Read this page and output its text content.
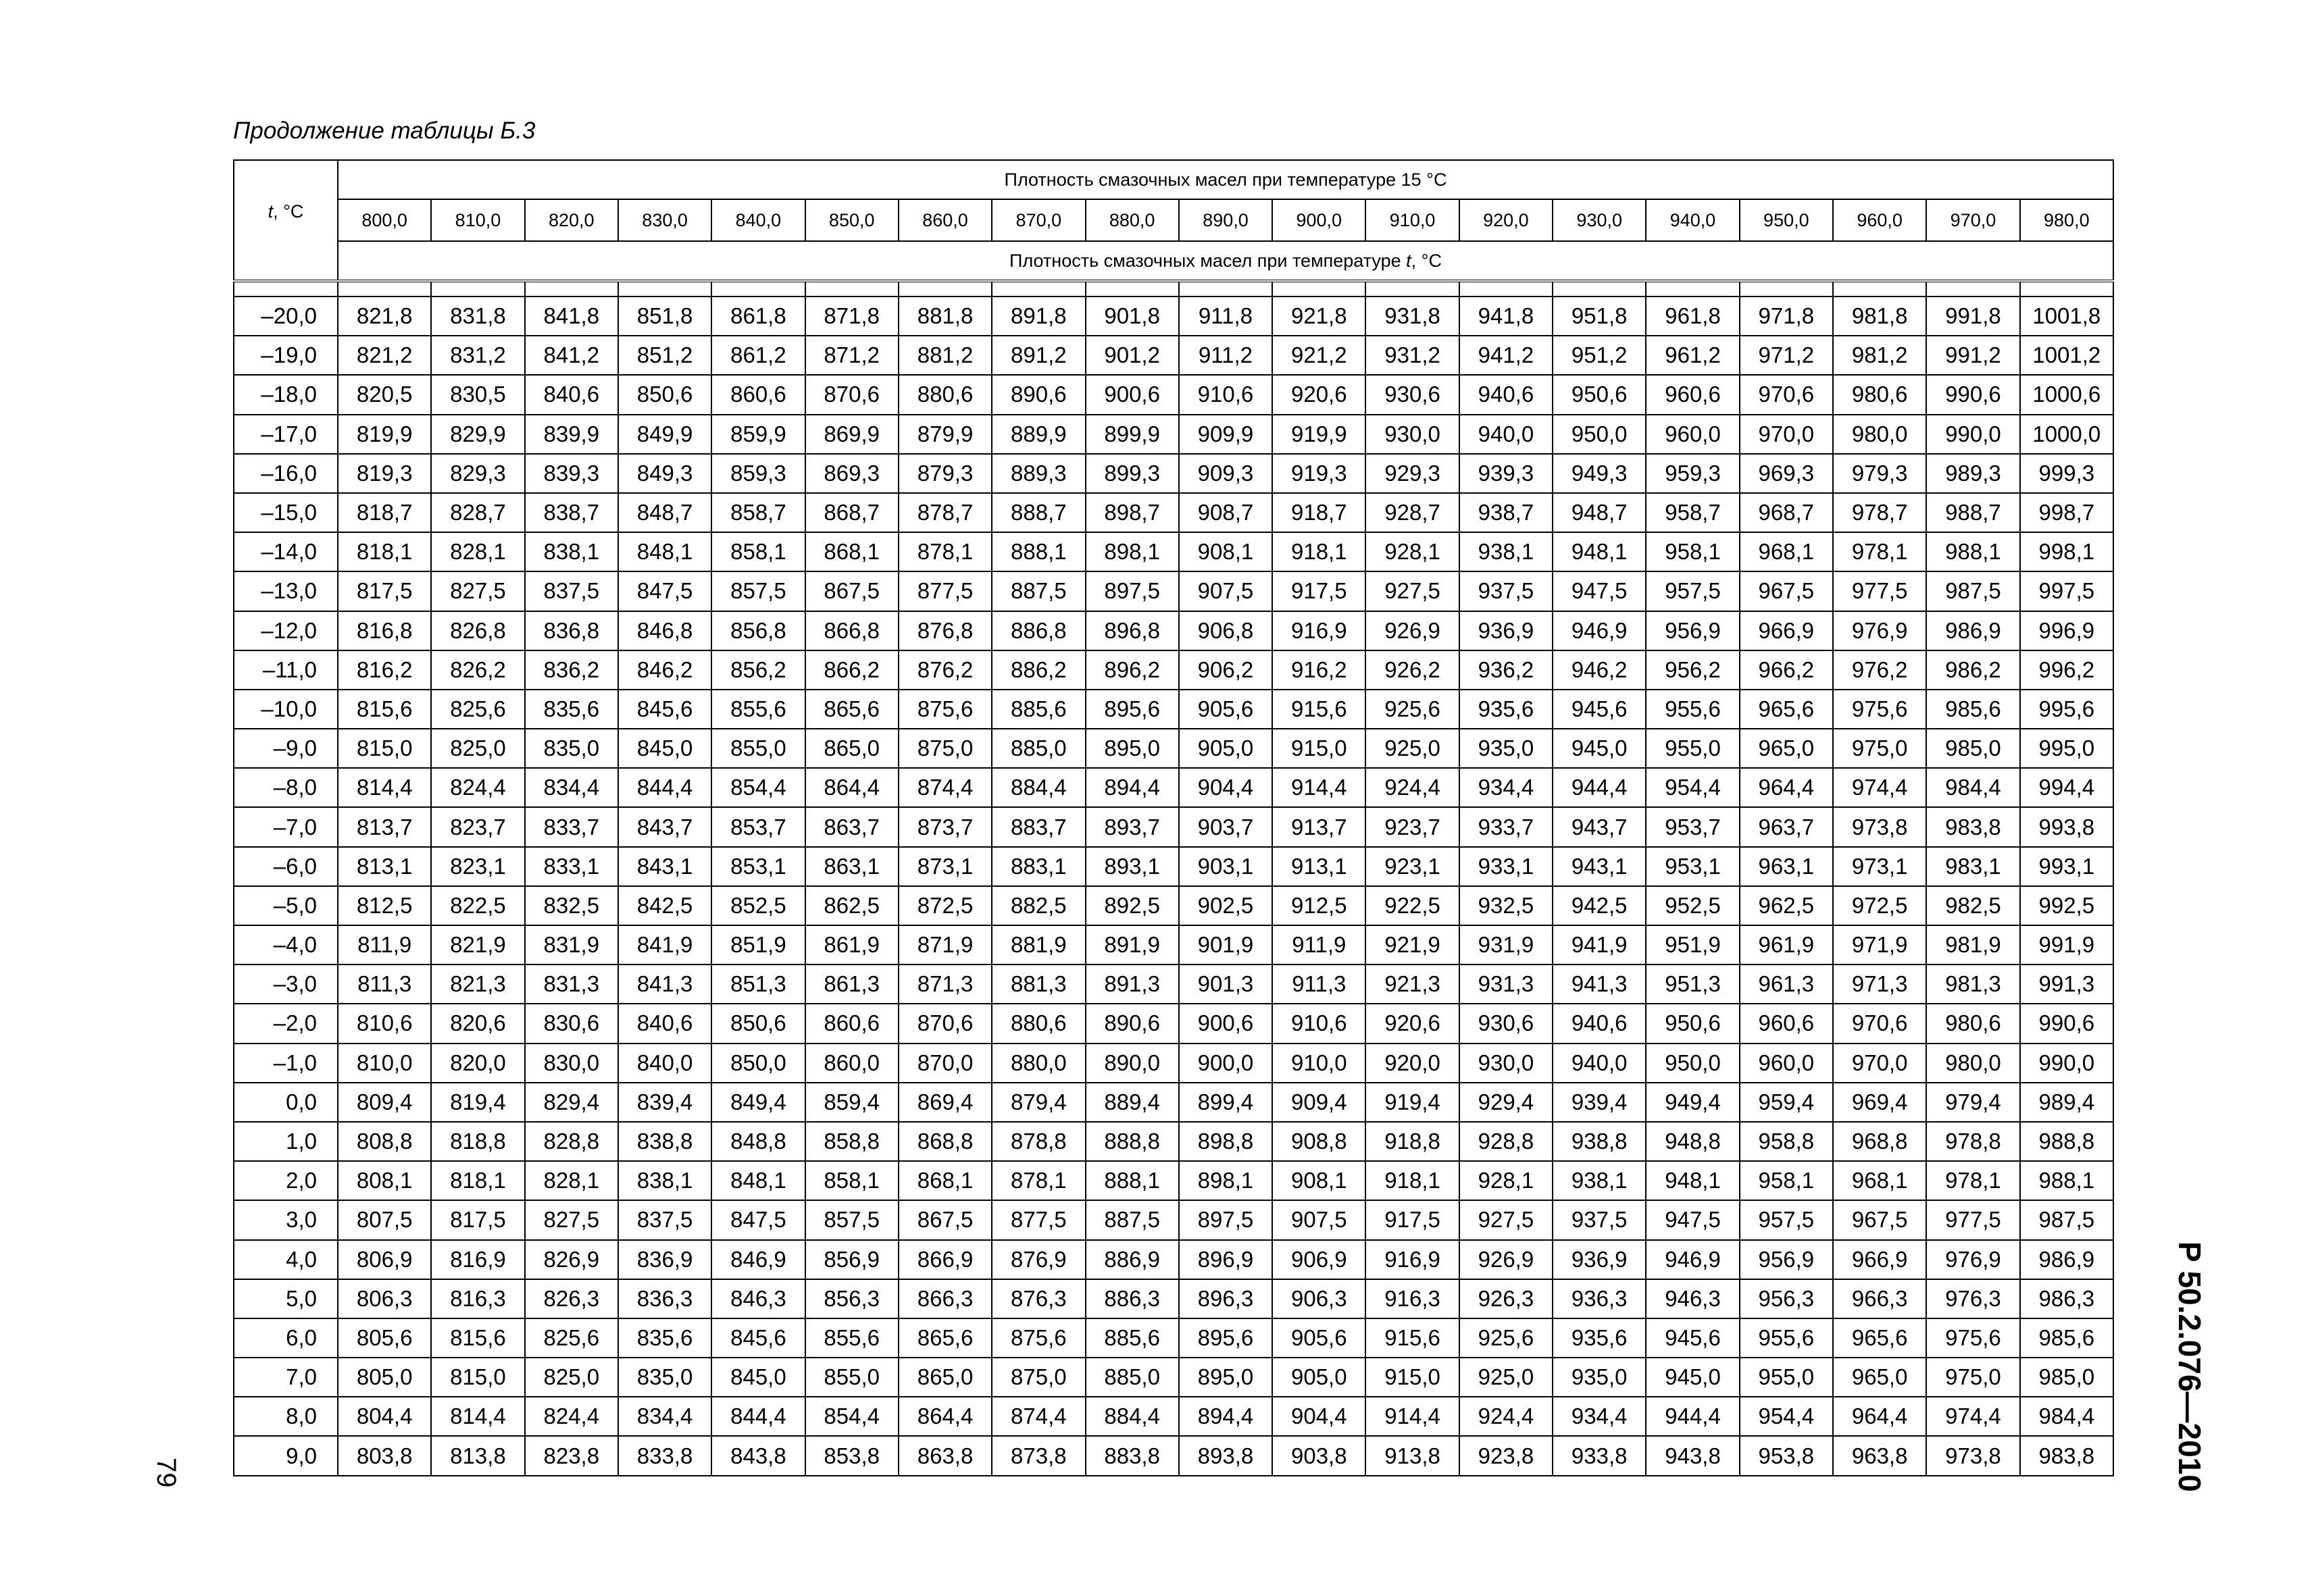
Продолжение таблицы Б.3
t, °C	Плотность смазочных масел при температуре 15 °С																		
	800,0	810,0	820,0	830,0	840,0	850,0	860,0	870,0	880,0	890,0	900,0	910,0	920,0	930,0	940,0	950,0	960,0	970,0	980,0
	Плотность смазочных масел при температуре t, °С																		

–20,0	821,8	831,8	841,8	851,8	861,8	871,8	881,8	891,8	901,8	911,8	921,8	931,8	941,8	951,8	961,8	971,8	981,8	991,8	1001,8
–19,0	821,2	831,2	841,2	851,2	861,2	871,2	881,2	891,2	901,2	911,2	921,2	931,2	941,2	951,2	961,2	971,2	981,2	991,2	1001,2
–18,0	820,5	830,5	840,6	850,6	860,6	870,6	880,6	890,6	900,6	910,6	920,6	930,6	940,6	950,6	960,6	970,6	980,6	990,6	1000,6
–17,0	819,9	829,9	839,9	849,9	859,9	869,9	879,9	889,9	899,9	909,9	919,9	930,0	940,0	950,0	960,0	970,0	980,0	990,0	1000,0
–16,0	819,3	829,3	839,3	849,3	859,3	869,3	879,3	889,3	899,3	909,3	919,3	929,3	939,3	949,3	959,3	969,3	979,3	989,3	999,3
–15,0	818,7	828,7	838,7	848,7	858,7	868,7	878,7	888,7	898,7	908,7	918,7	928,7	938,7	948,7	958,7	968,7	978,7	988,7	998,7
–14,0	818,1	828,1	838,1	848,1	858,1	868,1	878,1	888,1	898,1	908,1	918,1	928,1	938,1	948,1	958,1	968,1	978,1	988,1	998,1
–13,0	817,5	827,5	837,5	847,5	857,5	867,5	877,5	887,5	897,5	907,5	917,5	927,5	937,5	947,5	957,5	967,5	977,5	987,5	997,5
–12,0	816,8	826,8	836,8	846,8	856,8	866,8	876,8	886,8	896,8	906,8	916,9	926,9	936,9	946,9	956,9	966,9	976,9	986,9	996,9
–11,0	816,2	826,2	836,2	846,2	856,2	866,2	876,2	886,2	896,2	906,2	916,2	926,2	936,2	946,2	956,2	966,2	976,2	986,2	996,2
–10,0	815,6	825,6	835,6	845,6	855,6	865,6	875,6	885,6	895,6	905,6	915,6	925,6	935,6	945,6	955,6	965,6	975,6	985,6	995,6
–9,0	815,0	825,0	835,0	845,0	855,0	865,0	875,0	885,0	895,0	905,0	915,0	925,0	935,0	945,0	955,0	965,0	975,0	985,0	995,0
–8,0	814,4	824,4	834,4	844,4	854,4	864,4	874,4	884,4	894,4	904,4	914,4	924,4	934,4	944,4	954,4	964,4	974,4	984,4	994,4
–7,0	813,7	823,7	833,7	843,7	853,7	863,7	873,7	883,7	893,7	903,7	913,7	923,7	933,7	943,7	953,7	963,7	973,8	983,8	993,8
–6,0	813,1	823,1	833,1	843,1	853,1	863,1	873,1	883,1	893,1	903,1	913,1	923,1	933,1	943,1	953,1	963,1	973,1	983,1	993,1
–5,0	812,5	822,5	832,5	842,5	852,5	862,5	872,5	882,5	892,5	902,5	912,5	922,5	932,5	942,5	952,5	962,5	972,5	982,5	992,5
–4,0	811,9	821,9	831,9	841,9	851,9	861,9	871,9	881,9	891,9	901,9	911,9	921,9	931,9	941,9	951,9	961,9	971,9	981,9	991,9
–3,0	811,3	821,3	831,3	841,3	851,3	861,3	871,3	881,3	891,3	901,3	911,3	921,3	931,3	941,3	951,3	961,3	971,3	981,3	991,3
–2,0	810,6	820,6	830,6	840,6	850,6	860,6	870,6	880,6	890,6	900,6	910,6	920,6	930,6	940,6	950,6	960,6	970,6	980,6	990,6
–1,0	810,0	820,0	830,0	840,0	850,0	860,0	870,0	880,0	890,0	900,0	910,0	920,0	930,0	940,0	950,0	960,0	970,0	980,0	990,0
0,0	809,4	819,4	829,4	839,4	849,4	859,4	869,4	879,4	889,4	899,4	909,4	919,4	929,4	939,4	949,4	959,4	969,4	979,4	989,4
1,0	808,8	818,8	828,8	838,8	848,8	858,8	868,8	878,8	888,8	898,8	908,8	918,8	928,8	938,8	948,8	958,8	968,8	978,8	988,8
2,0	808,1	818,1	828,1	838,1	848,1	858,1	868,1	878,1	888,1	898,1	908,1	918,1	928,1	938,1	948,1	958,1	968,1	978,1	988,1
3,0	807,5	817,5	827,5	837,5	847,5	857,5	867,5	877,5	887,5	897,5	907,5	917,5	927,5	937,5	947,5	957,5	967,5	977,5	987,5
4,0	806,9	816,9	826,9	836,9	846,9	856,9	866,9	876,9	886,9	896,9	906,9	916,9	926,9	936,9	946,9	956,9	966,9	976,9	986,9
5,0	806,3	816,3	826,3	836,3	846,3	856,3	866,3	876,3	886,3	896,3	906,3	916,3	926,3	936,3	946,3	956,3	966,3	976,3	986,3
6,0	805,6	815,6	825,6	835,6	845,6	855,6	865,6	875,6	885,6	895,6	905,6	915,6	925,6	935,6	945,6	955,6	965,6	975,6	985,6
7,0	805,0	815,0	825,0	835,0	845,0	855,0	865,0	875,0	885,0	895,0	905,0	915,0	925,0	935,0	945,0	955,0	965,0	975,0	985,0
8,0	804,4	814,4	824,4	834,4	844,4	854,4	864,4	874,4	884,4	894,4	904,4	914,4	924,4	934,4	944,4	954,4	964,4	974,4	984,4
9,0	803,8	813,8	823,8	833,8	843,8	853,8	863,8	873,8	883,8	893,8	903,8	913,8	923,8	933,8	943,8	953,8	963,8	973,8	983,8
79	Р 50.2.076—2010
